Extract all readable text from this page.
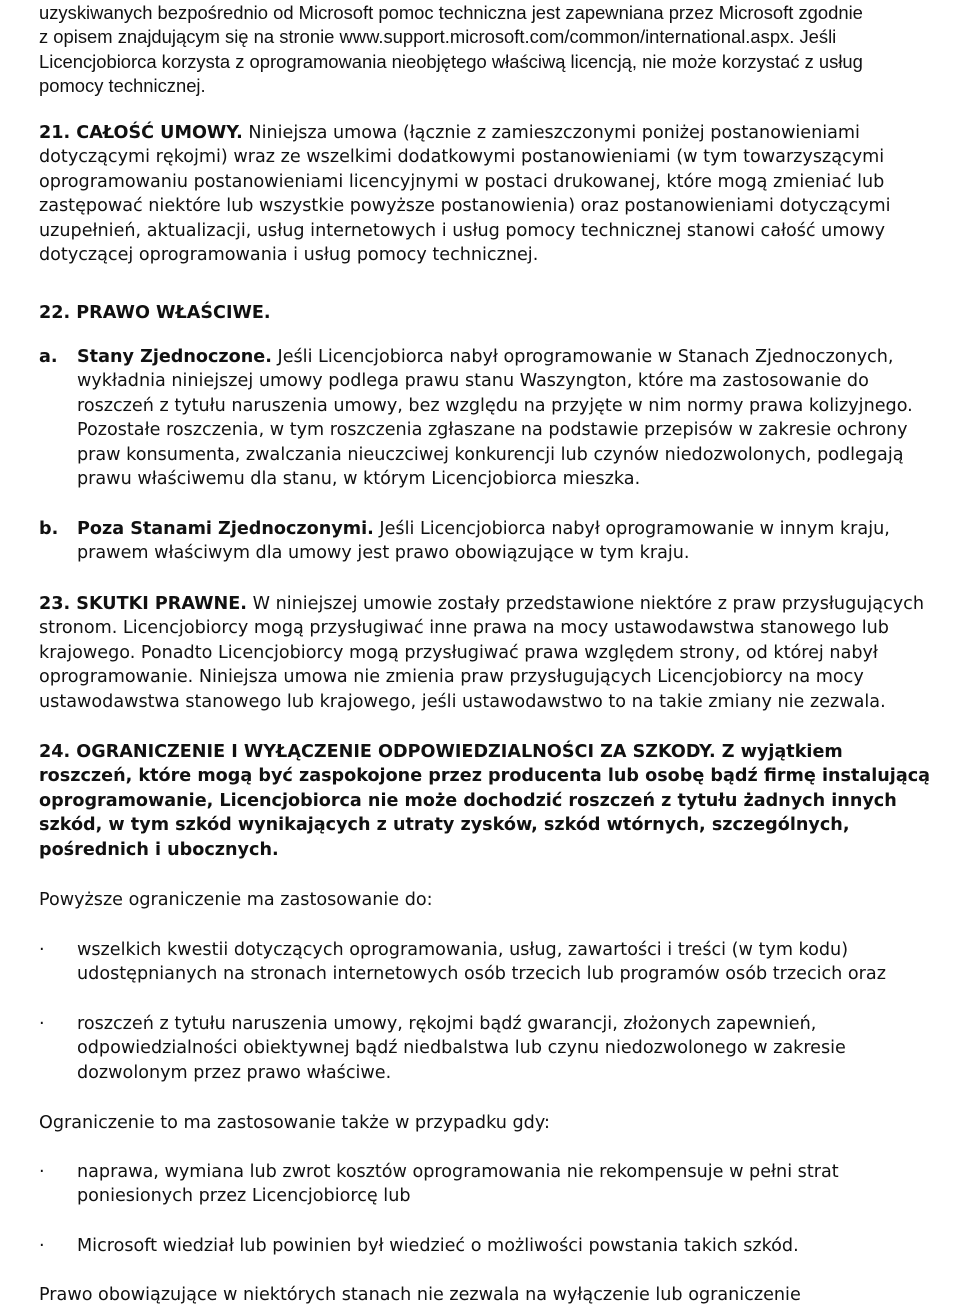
uzyskiwanych bezpośrednio od Microsoft pomoc techniczna jest zapewniana przez Microsoft zgodnie
z opisem znajdującym się na stronie www.support.microsoft.com/common/international.aspx. Jeśli
Licencjobiorca korzysta z oprogramowania nieobjętego właściwą licencją, nie może korzystać z usług
pomocy technicznej.
21. CAŁOŚĆ UMOWY. Niniejsza umowa (łącznie z zamieszczonymi poniżej postanowieniami
dotyczącymi rękojmi) wraz ze wszelkimi dodatkowymi postanowieniami (w tym towarzyszącymi
oprogramowaniu postanowieniami licencyjnymi w postaci drukowanej, które mogą zmieniać lub
zastępować niektóre lub wszystkie powyższe postanowienia) oraz postanowieniami dotyczącymi
uzupełnień, aktualizacji, usług internetowych i usług pomocy technicznej stanowi całość umowy
dotyczącej oprogramowania i usług pomocy technicznej.
22. PRAWO WŁAŚCIWE.
a. Stany Zjednoczone. Jeśli Licencjobiorca nabył oprogramowanie w Stanach Zjednoczonych,
wykładnia niniejszej umowy podlega prawu stanu Waszyngton, które ma zastosowanie do
roszczeń z tytułu naruszenia umowy, bez względu na przyjęte w nim normy prawa kolizyjnego.
Pozostałe roszczenia, w tym roszczenia zgłaszane na podstawie przepisów w zakresie ochrony
praw konsumenta, zwalczania nieuczciwej konkurencji lub czynów niedozwolonych, podlegają
prawu właściwemu dla stanu, w którym Licencjobiorca mieszka.
b. Poza Stanami Zjednoczonymi. Jeśli Licencjobiorca nabył oprogramowanie w innym kraju,
prawem właściwym dla umowy jest prawo obowiązujące w tym kraju.
23. SKUTKI PRAWNE. W niniejszej umowie zostały przedstawione niektóre z praw przysługujących
stronom. Licencjobiorcy mogą przysługiwać inne prawa na mocy ustawodawstwa stanowego lub
krajowego. Ponadto Licencjobiorcy mogą przysługiwać prawa względem strony, od której nabył
oprogramowanie. Niniejsza umowa nie zmienia praw przysługujących Licencjobiorcy na mocy
ustawodawstwa stanowego lub krajowego, jeśli ustawodawstwo to na takie zmiany nie zezwala.
24. OGRANICZENIE I WYŁĄCZENIE ODPOWIEDZIALNOŚCI ZA SZKODY. Z wyjątkiem
roszczeń, które mogą być zaspokojone przez producenta lub osobę bądź firmę instalującą
oprogramowanie, Licencjobiorca nie może dochodzić roszczeń z tytułu żadnych innych
szkód, w tym szkód wynikających z utraty zysków, szkód wtórnych, szczególnych,
pośrednich i ubocznych.
Powyższe ograniczenie ma zastosowanie do:
· wszelkich kwestii dotyczących oprogramowania, usług, zawartości i treści (w tym kodu)
udostępnianych na stronach internetowych osób trzecich lub programów osób trzecich oraz
· roszczeń z tytułu naruszenia umowy, rękojmi bądź gwarancji, złożonych zapewnień,
odpowiedzialności obiektywnej bądź niedbalstwa lub czynu niedozwolonego w zakresie
dozwolonym przez prawo właściwe.
Ograniczenie to ma zastosowanie także w przypadku gdy:
· naprawa, wymiana lub zwrot kosztów oprogramowania nie rekompensuje w pełni strat
poniesionych przez Licencjobiorcę lub
· Microsoft wiedział lub powinien był wiedzieć o możliwości powstania takich szkód.
Prawo obowiązujące w niektórych stanach nie zezwala na wyłączenie lub ograniczenie
